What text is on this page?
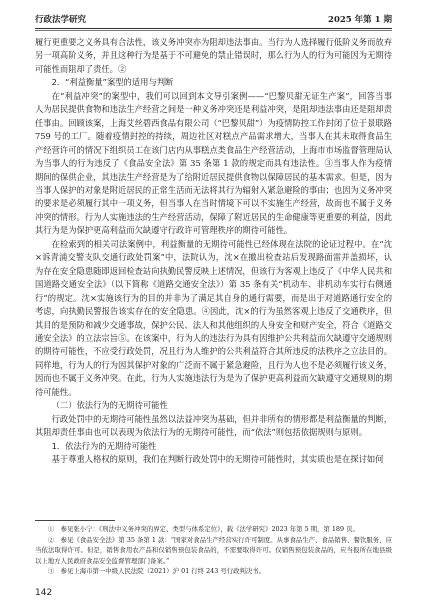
行政法学研究	2025 年第 1 期

履行更重要之义务具有合法性，该义务冲突亦为阻却违法事由。当行为人选择履行低阶义务而放弃另一项高阶义务，并且这种行为是基于不可避免的禁止错误时，那么行为人的行为可能因为无期待可能性而阻却了责任。②

2．“利益衡量”案型的适用与判断

在“利益冲突”的案型中，我们可以回到本文导引案例——“巴黎贝甜无证生产案”，回答当事人为居民提供食物和违法生产经营之间是一种义务冲突还是利益冲突，是阻却违法事由还是阻却责任事由。回顾该案，上海艾丝碧西食品有限公司（“巴黎贝甜”）为疫情防控工作封闭了位于景联路 759 号的工厂。随着疫情封控的持续，周边社区对糕点产品需求增大，当事人在其未取得食品生产经营许可的情况下组织员工在该门店内从事糕点类食品生产经营活动，上海市市场监督管理局认为当事人的行为违反了《食品安全法》第 35 条第 1 款的规定而具有违法性。③当事人作为疫情期间的保供企业，其违法生产经营是为了给附近居民提供食物以保障居民的基本需求。但是，因为当事人保护的对象是附近居民的正常生活而无法将其行为辐射入紧急避险的事由；也因为义务冲突的要求是必须履行其中一项义务，但当事人在当时情境下可以不实施生产经营，故而也不属于义务冲突的情形。行为人实施违法的生产经营活动，保障了附近居民的生命健康等更重要的利益，因此其行为是为保护更高利益而欠缺遵守行政许可管理秩序的期待可能性。

在检索到的相关司法案例中，利益衡量的无期待可能性已经体现在法院的论证过程中。在“沈×诉青浦交警支队交通行政处罚案”中，法院认为，沈×在撤出检查站后发现路面雷并盖损坏，认为存在安全隐患随即返回检查站向执勤民警反映上述情况，但该行为客观上违反了《中华人民共和国道路交通安全法》（以下简称《道路交通安全法》）第 35 条有关“机动车、非机动车实行右侧通行”的规定。沈×实施该行为的目的并非为了满足其自身的通行需要，而是出于对道路通行安全的考虑，向执勤民警报告该实存在的安全隐患。④因此，沈×的行为虽然客观上违反了交通秩序，但其目的是预防和减少交通事故，保护公民、法人和其他组织的人身安全和财产安全，符合《道路交通安全法》的立法宗旨⑤。在该案中，行为人的违法行为具有因维护公共利益而欠缺遵守交通规则的期待可能性，不应受行政处罚，况且行为人维护的公共利益符合其所违反的法秩序之立法目的。同样地，行为人的行为因其保护对象的广泛而不属于紧急避险，且行为人也不是必须履行该义务，因而也不属于义务冲突。在此，行为人实施违法行为是为了保护更高利益而欠缺遵守交通规则的期待可能性。

（二）依法行为的无期待可能性

行政处罚中的无期待可能性虽然以法益冲突为基础，但并非所有的情形都是利益衡量的判断，其阻却责任事由也可以表现为依法行为的无期待可能性，而“依法”则包括依据规则与原则。

1．依法行为的无期待可能性

基于尊重人格权的原则，我们在判断行政处罚中的无期待可能性时，其实质也是在探讨如何

①　参见张小宁：《刑法中义务冲突的界定、类型与体系定位》，载《法学研究》2023 年第 5 期，第 189 页。

②　参见《食品安全法》第 35 条第 1 款：“国家对食品生产经营实行许可制度。从事食品生产、食品销售、餐饮服务，应当依法取得许可。但是，销售食用农产品和仅销售预包装食品的，不需要取得许可。仅销售预包装食品的，应当报所在地县级以上地方人民政府食品安全监督管理部门备案。”

③　参见上海市第一中级人民法院（2021）沪 01 行终 243 号行政判决书。

142
